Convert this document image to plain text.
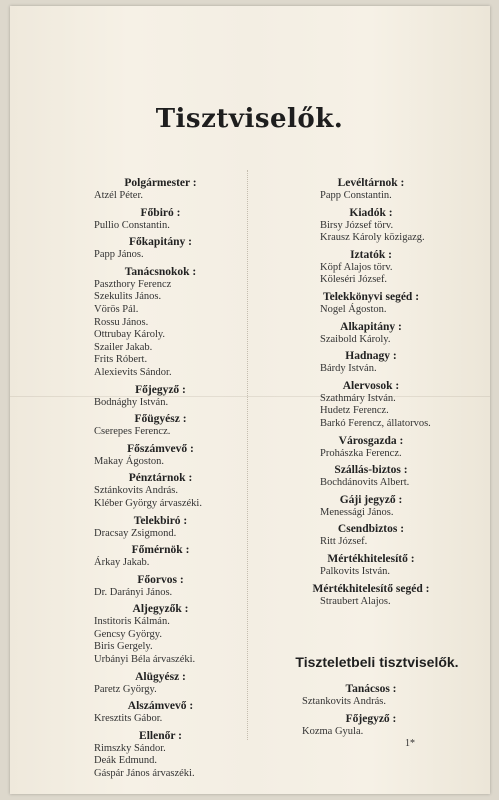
Tisztviselők.
Polgármester :
Atzél Péter.
Főbiró :
Pullio Constantin.
Főkapitány :
Papp János.
Tanácsnokok :
Paszthory Ferencz
Szekulits János.
Vörös Pál.
Rossu János.
Ottrubay Károly.
Szailer Jakab.
Frits Róbert.
Alexievits Sándor.
Főjegyző :
Bodnághy István.
Főügyész :
Cserepes Ferencz.
Főszámvevő :
Makay Ágoston.
Pénztárnok :
Sztánkovits András.
Kléber György árvaszéki.
Telekbiró :
Dracsay Zsigmond.
Főmérnök :
Árkay Jakab.
Főorvos :
Dr. Darányi János.
Aljegyzők :
Institoris Kálmán.
Gencsy György.
Biris Gergely.
Urbányi Béla árvaszéki.
Alügyész :
Paretz György.
Alszámvevő :
Kresztits Gábor.
Ellenőr :
Rimszky Sándor.
Deák Edmund.
Gáspár János árvaszéki.
Levéltárnok :
Papp Constantin.
Kiadók :
Birsy József törv.
Krausz Károly közigazg.
Iztatók :
Köpf Alajos törv.
Köleséri József.
Telekkönyvi segéd :
Nogel Ágoston.
Alkapitány :
Szaibold Károly.
Hadnagy :
Bárdy István.
Alervosok :
Szathmáry István.
Hudetz Ferencz.
Barkó Ferencz, állatorvos.
Városgazda :
Prohászka Ferencz.
Szállás-biztos :
Bochdánovits Albert.
Gáji jegyző :
Menessági János.
Csendbiztos :
Ritt József.
Mértékhitelesítő :
Palkovits István.
Mértékhitelesítő segéd :
Straubert Alajos.
Tiszteletbeli tisztviselők.
Tanácsos :
Sztankovits András.
Főjegyző :
Kozma Gyula.
1*
